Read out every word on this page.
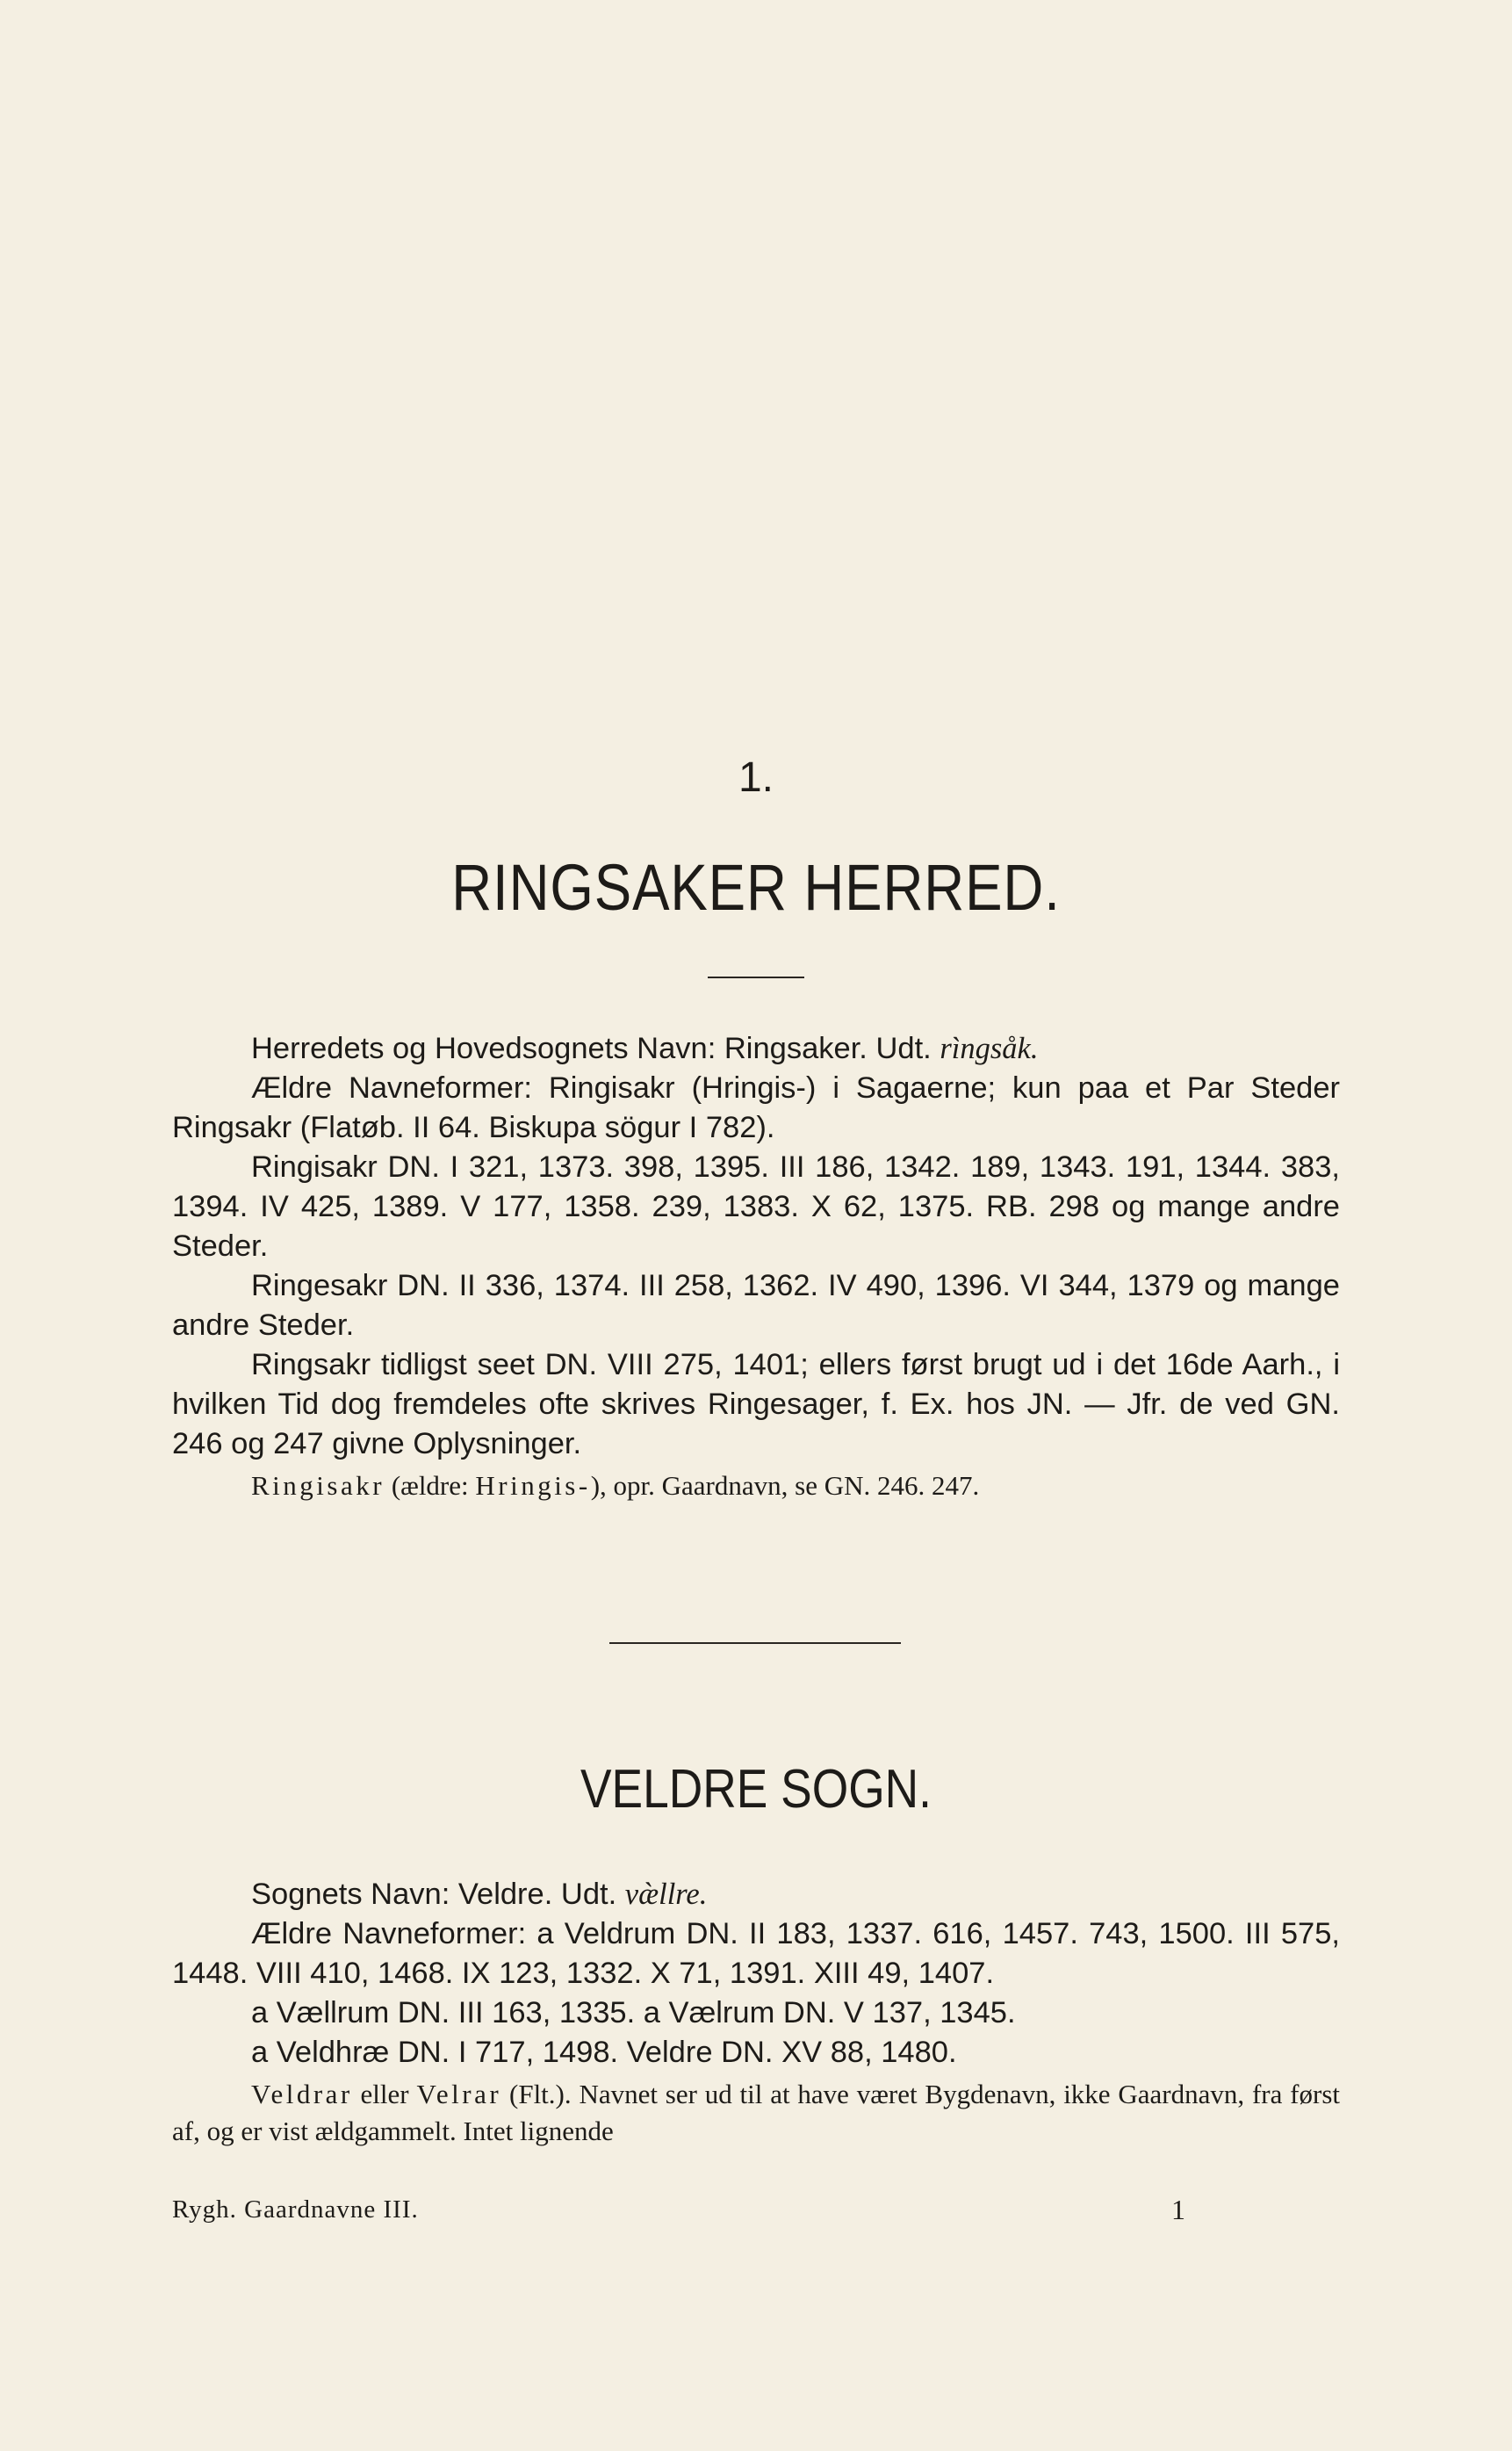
1.
RINGSAKER HERRED.

Herredets og Hovedsognets Navn: Ringsaker. Udt. rìngsåk.

Ældre Navneformer: Ringisakr (Hringis-) i Sagaerne; kun paa et Par Steder Ringsakr (Flatøb. II 64. Biskupa sögur I 782).

Ringisakr DN. I 321, 1373. 398, 1395. III 186, 1342. 189, 1343. 191, 1344. 383, 1394. IV 425, 1389. V 177, 1358. 239, 1383. X 62, 1375. RB. 298 og mange andre Steder.

Ringesakr DN. II 336, 1374. III 258, 1362. IV 490, 1396. VI 344, 1379 og mange andre Steder.

Ringsakr tidligst seet DN. VIII 275, 1401; ellers først brugt ud i det 16de Aarh., i hvilken Tid dog fremdeles ofte skrives Ringesager, f. Ex. hos JN. — Jfr. de ved GN. 246 og 247 givne Oplysninger.

Ringisakr (ældre: Hringis-), opr. Gaardnavn, se GN. 246. 247.

VELDRE SOGN.

Sognets Navn: Veldre. Udt. væ̀llre.

Ældre Navneformer: a Veldrum DN. II 183, 1337. 616, 1457. 743, 1500. III 575, 1448. VIII 410, 1468. IX 123, 1332. X 71, 1391. XIII 49, 1407.

a Vællrum DN. III 163, 1335. a Vælrum DN. V 137, 1345.

a Veldhræ DN. I 717, 1498. Veldre DN. XV 88, 1480.

Veldrar eller Velrar (Flt.). Navnet ser ud til at have været Bygdenavn, ikke Gaardnavn, fra først af, og er vist ældgammelt. Intet lignende

Rygh. Gaardnavne III.	1
